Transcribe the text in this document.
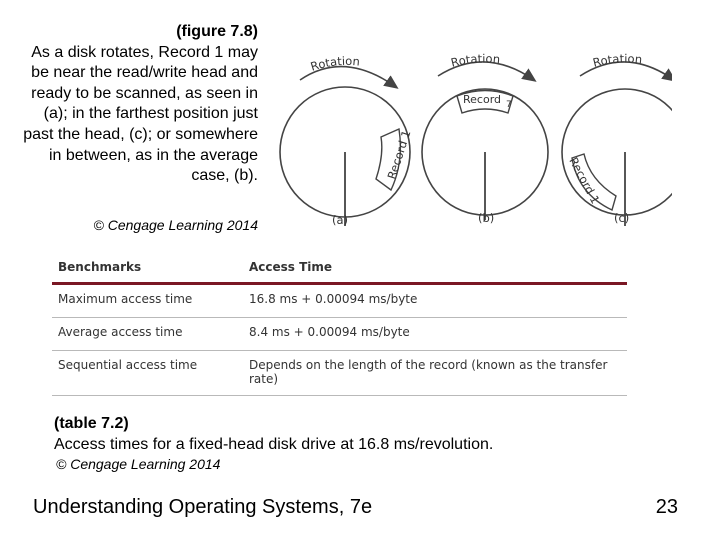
(figure 7.8)
As a disk rotates, Record 1 may be near the read/write head and ready to be scanned, as seen in (a); in the farthest position just past the head, (c); or somewhere in between, as in the average case, (b).
© Cengage Learning 2014
Rotation
Record 1
(a)
Rotation
Record 7
(b)
Rotation
Record 1
(c)
Benchmarks	Access Time
Maximum access time	16.8 ms + 0.00094 ms/byte
Average access time	8.4 ms + 0.00094 ms/byte
Sequential access time	Depends on the length of the record (known as the transfer rate)
(table 7.2)
Access times for a fixed-head disk drive at 16.8 ms/revolution.
© Cengage Learning 2014
Understanding Operating Systems, 7e	23
